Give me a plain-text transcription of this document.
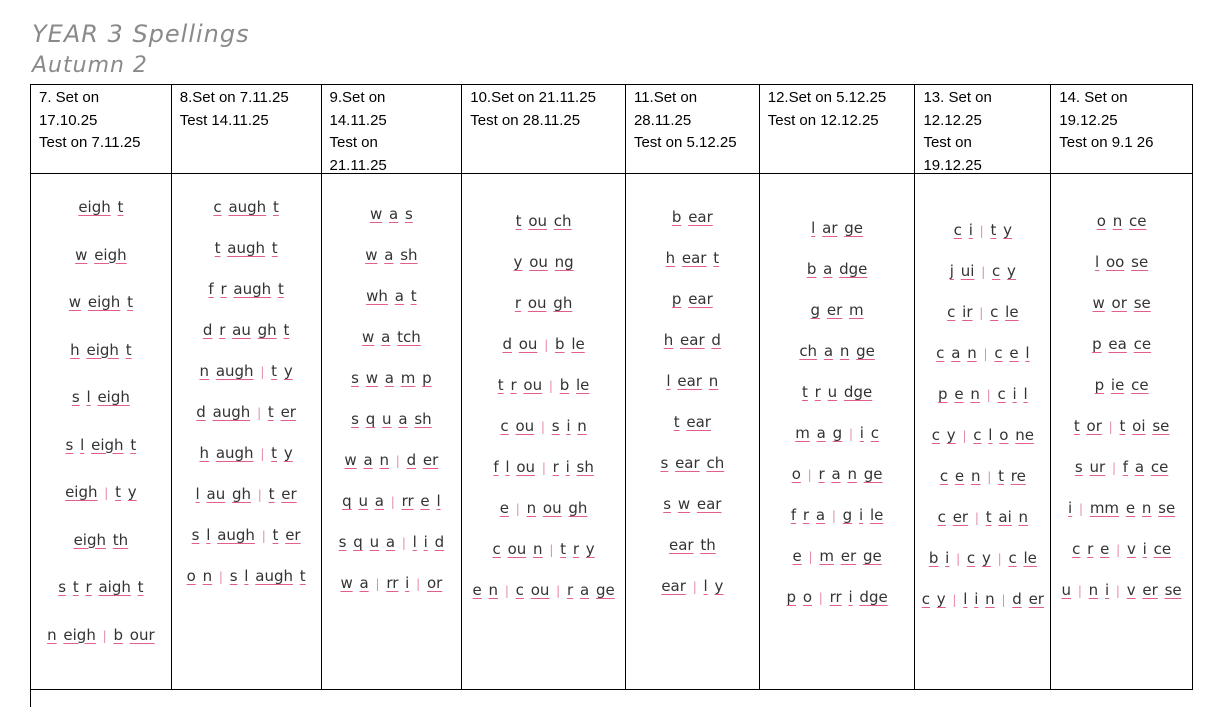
YEAR 3 Spellings
Autumn 2
7. Set on
17.10.25
Test on 7.11.25
eigh t
w eigh
w eigh t
h eigh t
s l eigh
s l eigh t
eigh | t y
eigh th
s t r aigh t
n eigh | b our
8.Set on 7.11.25
Test 14.11.25
c augh t
t augh t
f r augh t
d r au gh t
n augh | t y
d augh | t er
h augh | t y
l au gh | t er
s l augh | t er
o n | s l augh t
9.Set on
14.11.25
Test on
21.11.25
w a s
w a sh
wh a t
w a tch
s w a m p
s q u a sh
w a n | d er
q u a | rr e l
s q u a | l i d
w a | rr i | or
10.Set on 21.11.25
Test on 28.11.25
t ou ch
y ou ng
r ou gh
d ou | b le
t r ou | b le
c ou | s i n
f l ou | r i sh
e | n ou gh
c ou n | t r y
e n | c ou | r a ge
11.Set on
28.11.25
Test on 5.12.25
b ear
h ear t
p ear
h ear d
l ear n
t ear
s ear ch
s w ear
ear th
ear | l y
12.Set on 5.12.25
Test on 12.12.25
l ar ge
b a dge
g er m
ch a n ge
t r u dge
m a g | i c
o | r a n ge
f r a | g i le
e | m er ge
p o | rr i dge
13. Set on
12.12.25
Test on
19.12.25
c i | t y
j ui | c y
c ir | c le
c a n | c e l
p e n | c i l
c y | c l o ne
c e n | t re
c er | t ai n
b i | c y | c le
c y | l i n | d er
14. Set on
19.12.25
Test on 9.1 26
o n ce
l oo se
w or se
p ea ce
p ie ce
t or | t oi se
s ur | f a ce
i | mm e n se
c r e | v i ce
u | n i | v er se
